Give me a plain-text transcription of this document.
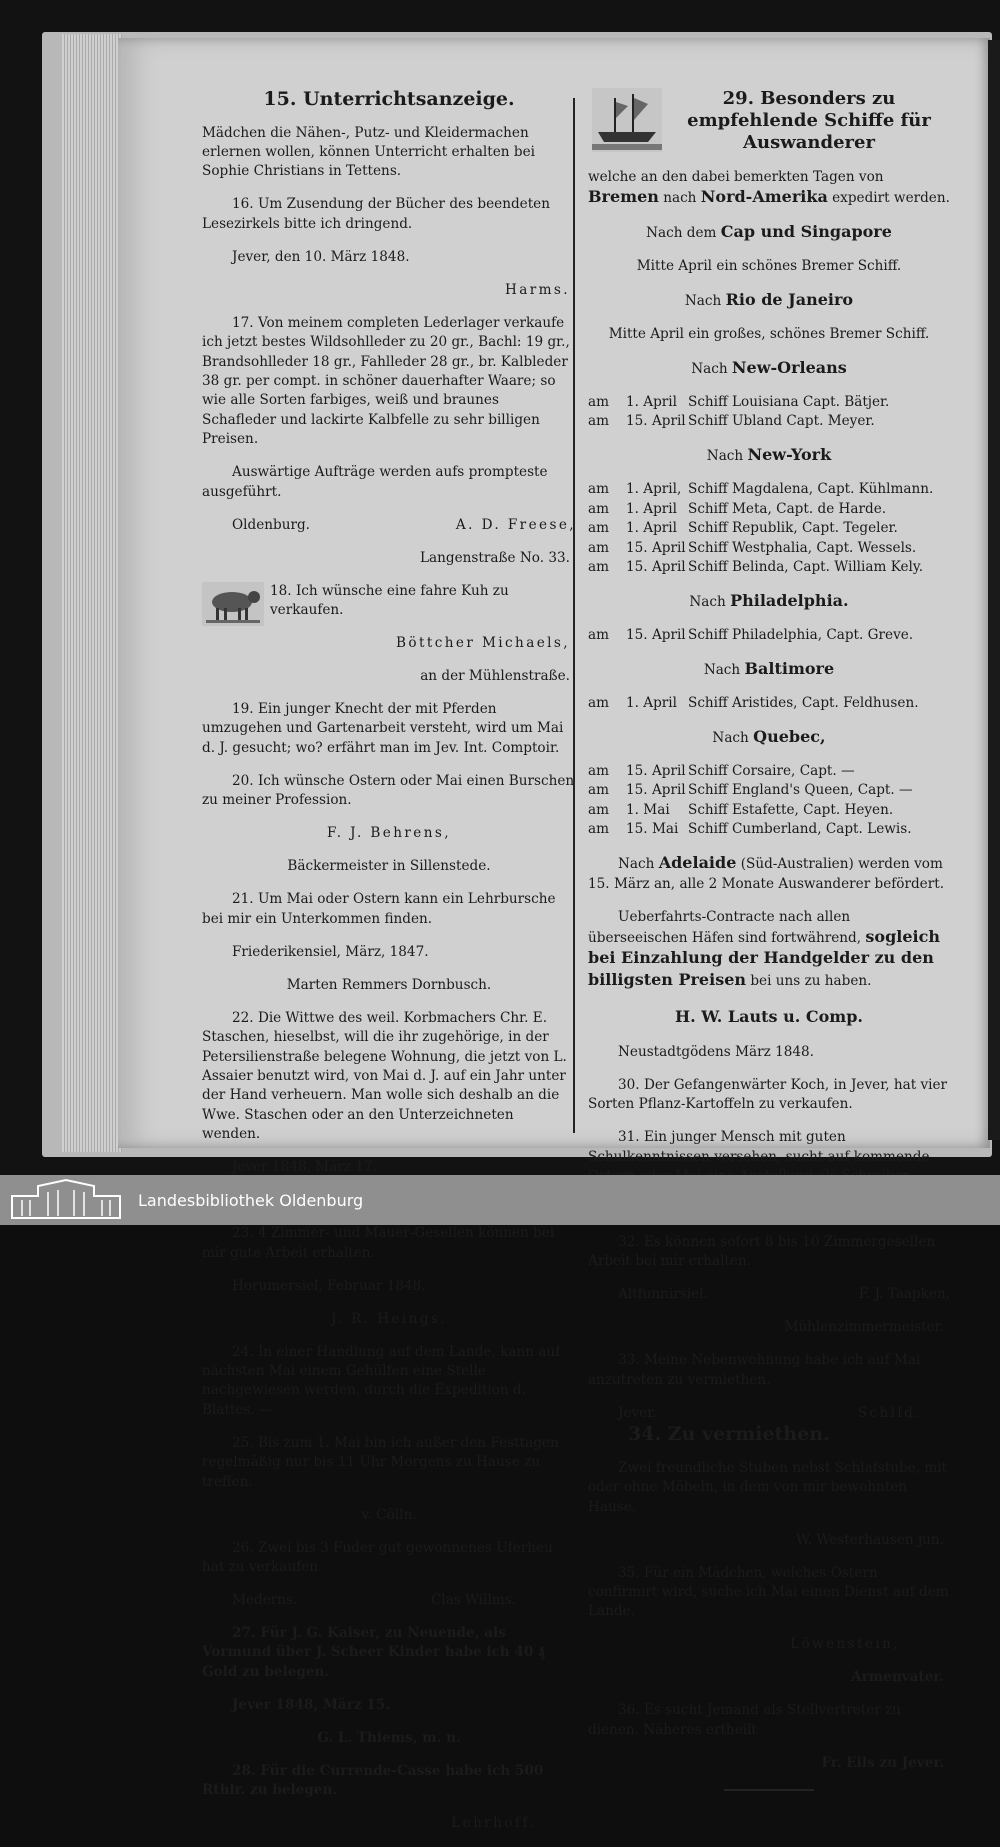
15. Unterrichtsanzeige.

Mädchen die Nähen-, Putz- und Kleidermachen erlernen wollen, können Unterricht erhalten bei Sophie Christians in Tettens.

16. Um Zusendung der Bücher des beendeten Lesezirkels bitte ich dringend.

Jever, den 10. März 1848.

Harms.

17. Von meinem completen Lederlager verkaufe ich jetzt bestes Wildsohlleder zu 20 gr., Bachl: 19 gr., Brandsohlleder 18 gr., Fahlleder 28 gr., br. Kalbleder 38 gr. per compt. in schöner dauerhafter Waare; so wie alle Sorten farbiges, weiß und braunes Schafleder und lackirte Kalbfelle zu sehr billigen Preisen.

Auswärtige Aufträge werden aufs prompteste ausgeführt.

Oldenburg.	A. D. Freese,

Langenstraße No. 33.

18. Ich wünsche eine fahre Kuh zu verkaufen.

Böttcher Michaels,

an der Mühlenstraße.

19. Ein junger Knecht der mit Pferden umzugehen und Gartenarbeit versteht, wird um Mai d. J. gesucht; wo? erfährt man im Jev. Int. Comptoir.

20. Ich wünsche Ostern oder Mai einen Burschen zu meiner Profession.

F. J. Behrens,

Bäckermeister in Sillenstede.

21. Um Mai oder Ostern kann ein Lehrbursche bei mir ein Unterkommen finden.

Friederikensiel, März, 1847.

Marten Remmers Dornbusch.

22. Die Wittwe des weil. Korbmachers Chr. E. Staschen, hieselbst, will die ihr zugehörige, in der Petersilienstraße belegene Wohnung, die jetzt von L. Assaier benutzt wird, von Mai d. J. auf ein Jahr unter der Hand verheuern. Man wolle sich deshalb an die Wwe. Staschen oder an den Unterzeichneten wenden.

Jever 1848, März 17.

23. 4 Zimmer- und Mauer-Gesellen können bei mir gute Arbeit erhalten.

Horumersiel, Februar 1848.

J. R. Heings.

24. In einer Handlung auf dem Lande, kann auf nächsten Mai einem Gehülfen eine Stelle nachgewiesen werden, durch die Expedition d. Blattes. —

25. Bis zum 1. Mai bin ich außer den Festtagen regelmäßig nur bis 11 Uhr Morgens zu Hause zu treffen.

v. Cölln.

26. Zwei bis 3 Fuder gut gewonnenes Uferheu hat zu verkaufen

Mederns.	Clas Willms.

27. Für J. G. Kaiser, zu Neuende, als Vormund über J. Scheer Kinder habe ich 40 ₰ Gold zu belegen.

Jever 1848, März 15.

G. L. Thiems, m. n.

28. Für die Currende-Casse habe ich 500 Rthlr. zu belegen.

Lehrhoff.

29. Besonders zu empfehlende Schiffe für Auswanderer

welche an den dabei bemerkten Tagen von Bremen nach Nord-Amerika expedirt werden.

Nach dem Cap und Singapore

Mitte April ein schönes Bremer Schiff.

Nach Rio de Janeiro

Mitte April ein großes, schönes Bremer Schiff.

Nach New-Orleans

am	1. April Schiff Louisiana Capt. Bätjer.
am	15. April Schiff Ubland Capt. Meyer.

Nach New-York

am	1. April, Schiff Magdalena, Capt. Kühlmann.
am	1. April Schiff Meta, Capt. de Harde.
am	1. April Schiff Republik, Capt. Tegeler.
am	15. April Schiff Westphalia, Capt. Wessels.
am	15. April Schiff Belinda, Capt. William Kely.

Nach Philadelphia.

am	15. April Schiff Philadelphia, Capt. Greve.

Nach Baltimore

am	1. April Schiff Aristides, Capt. Feldhusen.

Nach Quebec,

am	15. April Schiff Corsaire, Capt. —
am	15. April Schiff England's Queen, Capt. —
am	1. Mai	Schiff Estafette, Capt. Heyen.
am	15. Mai Schiff Cumberland, Capt. Lewis.

Nach Adelaide (Süd-Australien) werden vom 15. März an, alle 2 Monate Auswanderer befördert.

Ueberfahrts-Contracte nach allen überseeischen Häfen sind fortwährend, sogleich bei Einzahlung der Handgelder zu den billigsten Preisen bei uns zu haben.

H. W. Lauts u. Comp.

Neustadtgödens März 1848.

30. Der Gefangenwärter Koch, in Jever, hat vier Sorten Pflanz-Kartoffeln zu verkaufen.

31. Ein junger Mensch mit guten Schulkenntnissen versehen, sucht auf kommende

32. Es können sofort 8 bis 10 Zimmergesellen Arbeit bei mir erhalten.

Altfunnirsiel.	F. J. Taapken,

Mühlenzimmermeister.

33. Meine Nebenwohnung habe ich auf Mai anzutreten zu vermiethen.

Jever.	Schild.
34. Zu vermiethen.

Zwei freundliche Stuben nebst Schlafstube, mit oder ohne Möbeln, in dem von mir bewohnten Hause.

W. Westerhausen jun.

35. Für ein Mädchen, welches Ostern confirmirt wird, suche ich Mai einen Dienst auf dem Lande.

Löwenstein,

Armenvater.

36. Es sucht Jemand als Stellvertreter zu dienen. Näheres ertheilt

Fr. Eils zu Jever.

Landesbibliothek Oldenburg
